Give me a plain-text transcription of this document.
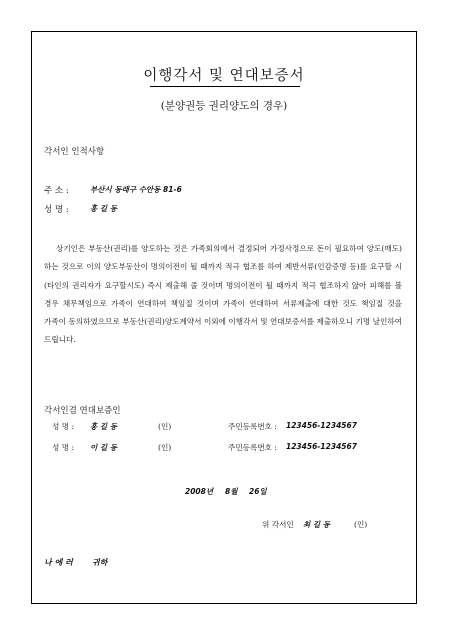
이행각서 및 연대보증서
(분양권등 권리양도의 경우)
각서인 인적사항
주 소 :	부산시 동래구 수안동 81-6
성 명 :	홍 길 동
상기인은 부동산(권리)를 양도하는 것은 가족회의에서 결정되어 가정사정으로 돈이 필요하여 양도(매도)하는 것으로 이의 양도부동산이 명의이전이 될 때까지 적극 협조를 하여 제반서류(인감증명 등)를 요구할 시(타인의 권리자가 요구할시도) 즉시 제출해 줄 것이며 명의이전이 될 때까지 적극 협조하지 않아 피해를 볼 경우 채무책임으로 가족이 연대하여 책임질 것이며 가족이 연대하여 서류제출에 대한 것도 책임질 것을 가족이 동의하였으므로 부동산(권리)양도계약서 이외에 이행각서 및 연대보증서를 제출하오니 기명 날인하여 드립니다.
각서인겸 연대보증인
성 명 : 홍 길 동	(인)	주민등록번호 : 123456-1234567
성 명 : 이 길 동	(인)	주민등록번호 : 123456-1234567
2008년 8월 26일
위 각서인 최 길 동	(인)
나 에 러 귀하
